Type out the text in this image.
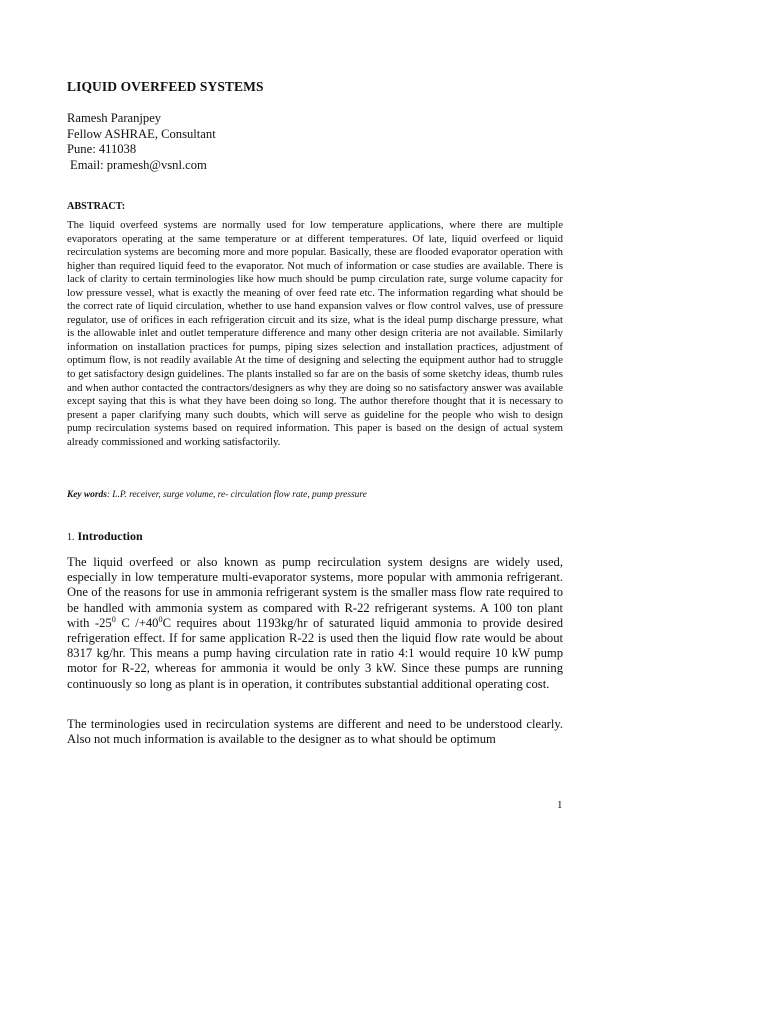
LIQUID OVERFEED SYSTEMS
Ramesh Paranjpey
Fellow ASHRAE, Consultant
Pune: 411038
Email: pramesh@vsnl.com
ABSTRACT:

The liquid overfeed systems are normally used for low temperature applications, where there are multiple evaporators operating at the same temperature or at different temperatures. Of late, liquid overfeed or liquid recirculation systems are becoming more and more popular. Basically, these are flooded evaporator operation with higher than required liquid feed to the evaporator. Not much of information or case studies are available. There is lack of clarity to certain terminologies like how much should be pump circulation rate, surge volume capacity for low pressure vessel, what is exactly the meaning of over feed rate etc. The information regarding what should be the correct rate of liquid circulation, whether to use hand expansion valves or flow control valves, use of pressure regulator, use of orifices in each refrigeration circuit and its size, what is the ideal pump discharge pressure, what is the allowable inlet and outlet temperature difference and many other design criteria are not available. Similarly information on installation practices for pumps, piping sizes selection and installation practices, adjustment of optimum flow, is not readily available At the time of designing and selecting the equipment author had to struggle to get satisfactory design guidelines. The plants installed so far are on the basis of some sketchy ideas, thumb rules and when author contacted the contractors/designers as why they are doing so no satisfactory answer was available except saying that this is what they have been doing so long. The author therefore thought that it is necessary to present a paper clarifying many such doubts, which will serve as guideline for the people who wish to design pump recirculation systems based on required information. This paper is based on the design of actual system already commissioned and working satisfactorily.

Key words: L.P. receiver, surge volume, re- circulation flow rate, pump pressure

1. Introduction

The liquid overfeed or also known as pump recirculation system designs are widely used, especially in low temperature multi-evaporator systems, more popular with ammonia refrigerant. One of the reasons for use in ammonia refrigerant system is the smaller mass flow rate required to be handled with ammonia system as compared with R-22 refrigerant systems. A 100 ton plant with $-25^0$ C $/+40^0C$ requires about 1193kg/hr of saturated liquid ammonia to provide desired refrigeration effect. If for same application R-22 is used then the liquid flow rate would be about 8317 kg/hr. This means a pump having circulation rate in ratio 4:1 would require 10 kW pump motor for R-22, whereas for ammonia it would be only 3 kW. Since these pumps are running continuously so long as plant is in operation, it contributes substantial additional operating cost.

The terminologies used in recirculation systems are different and need to be understood clearly. Also not much information is available to the designer as to what should be optimum

1
